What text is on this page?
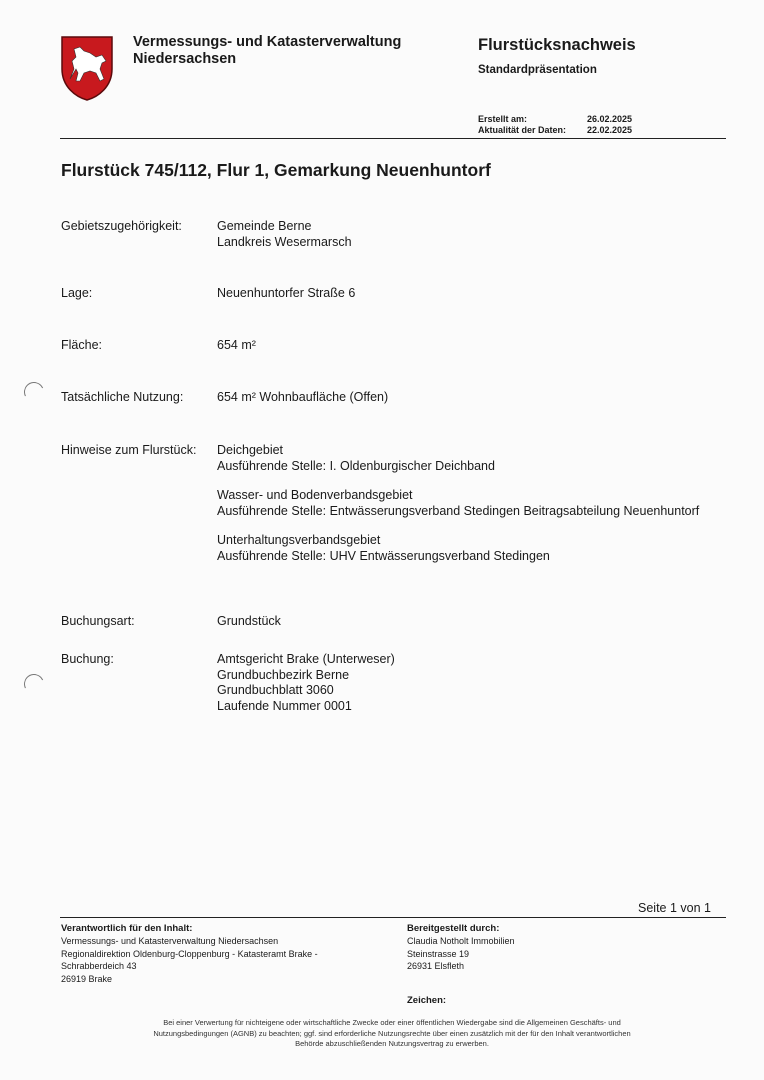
Vermessungs- und Katasterverwaltung
Niedersachsen
Flurstücksnachweis
Standardpräsentation
Erstellt am:	26.02.2025
Aktualität der Daten: 22.02.2025
Flurstück 745/112, Flur 1, Gemarkung Neuenhuntorf
Gebietszugehörigkeit:	Gemeinde Berne
Landkreis Wesermarsch
Lage:	Neuenhuntorfer Straße 6
Fläche:	654 m²
Tatsächliche Nutzung:	654 m² Wohnbaufläche (Offen)
Hinweise zum Flurstück: Deichgebiet
Ausführende Stelle: I. Oldenburgischer Deichband
Wasser- und Bodenverbandsgebiet
Ausführende Stelle: Entwässerungsverband Stedingen Beitragsabteilung Neuenhuntorf
Unterhaltungsverbandsgebiet
Ausführende Stelle: UHV Entwässerungsverband Stedingen
Buchungsart:	Grundstück
Buchung:	Amtsgericht Brake (Unterweser)
Grundbuchbezirk Berne
Grundbuchblatt 3060
Laufende Nummer 0001
Seite 1 von 1
Verantwortlich für den Inhalt:
Vermessungs- und Katasterverwaltung Niedersachsen
Regionaldirektion Oldenburg-Cloppenburg - Katasteramt Brake -
Schrabberdeich 43
26919 Brake
Bereitgestellt durch:
Claudia Notholt Immobilien
Steinstrasse 19
26931 Elsfleth
Zeichen:
Bei einer Verwertung für nichteigene oder wirtschaftliche Zwecke oder einer öffentlichen Wiedergabe sind die Allgemeinen Geschäfts- und Nutzungsbedingungen (AGNB) zu beachten; ggf. sind erforderliche Nutzungsrechte über einen zusätzlich mit der für den Inhalt verantwortlichen Behörde abzuschließenden Nutzungsvertrag zu erwerben.
